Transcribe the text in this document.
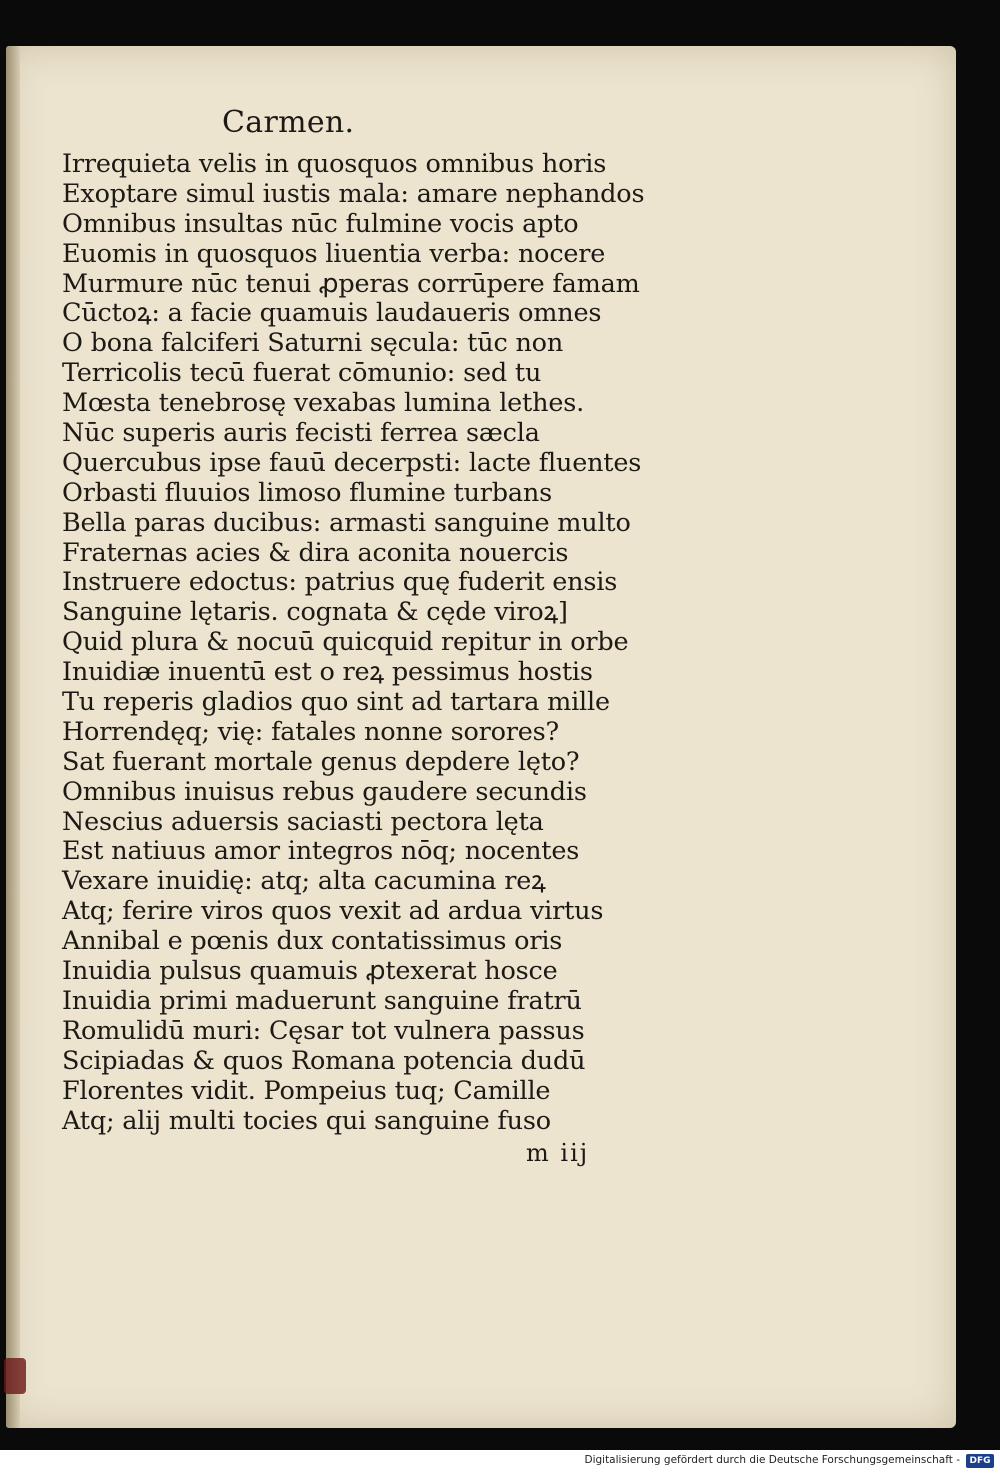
Carmen.
Irrequieta velis in quosquos omnibus horis
Exoptare simul iustis mala: amare nephandos
Omnibus insultas nūc fulmine vocis apto
Euomis in quosquos liuentia verba: nocere
Murmure nūc tenui ꝓperas corrūpere famam
Cūctoꝝ: a facie quamuis laudaueris omnes
O bona falciferi Saturni sęcula: tūc non
Terricolis tecū fuerat cōmunio: sed tu
Mœsta tenebrosę vexabas lumina lethes.
Nūc superis auris fecisti ferrea sæcla
Quercubus ipse fauū decerpsti: lacte fluentes
Orbasti fluuios limoso flumine turbans
Bella paras ducibus: armasti sanguine multo
Fraternas acies & dira aconita nouercis
Instruere edoctus: patrius quę fuderit ensis
Sanguine lętaris. cognata & cęde viroꝝ]
Quid plura & nocuū quicquid repitur in orbe
Inuidiæ inuentū est o reꝝ pessimus hostis
Tu reperis gladios quo sint ad tartara mille
Horrendęq; vię: fatales nonne sorores?
Sat fuerant mortale genus depdere lęto?
Omnibus inuisus rebus gaudere secundis
Nescius aduersis saciasti pectora lęta
Est natiuus amor integros nōq; nocentes
Vexare inuidię: atq; alta cacumina reꝝ
Atq; ferire viros quos vexit ad ardua virtus
Annibal e pœnis dux contatissimus oris
Inuidia pulsus quamuis ꝓtexerat hosce
Inuidia primi maduerunt sanguine fratrū
Romulidū muri: Cęsar tot vulnera passus
Scipiadas & quos Romana potencia dudū
Florentes vidit. Pompeius tuq; Camille
Atq; alij multi tocies qui sanguine fuso
m iij
Digitalisierung gefördert durch die Deutsche Forschungsgemeinschaft -	DFG
